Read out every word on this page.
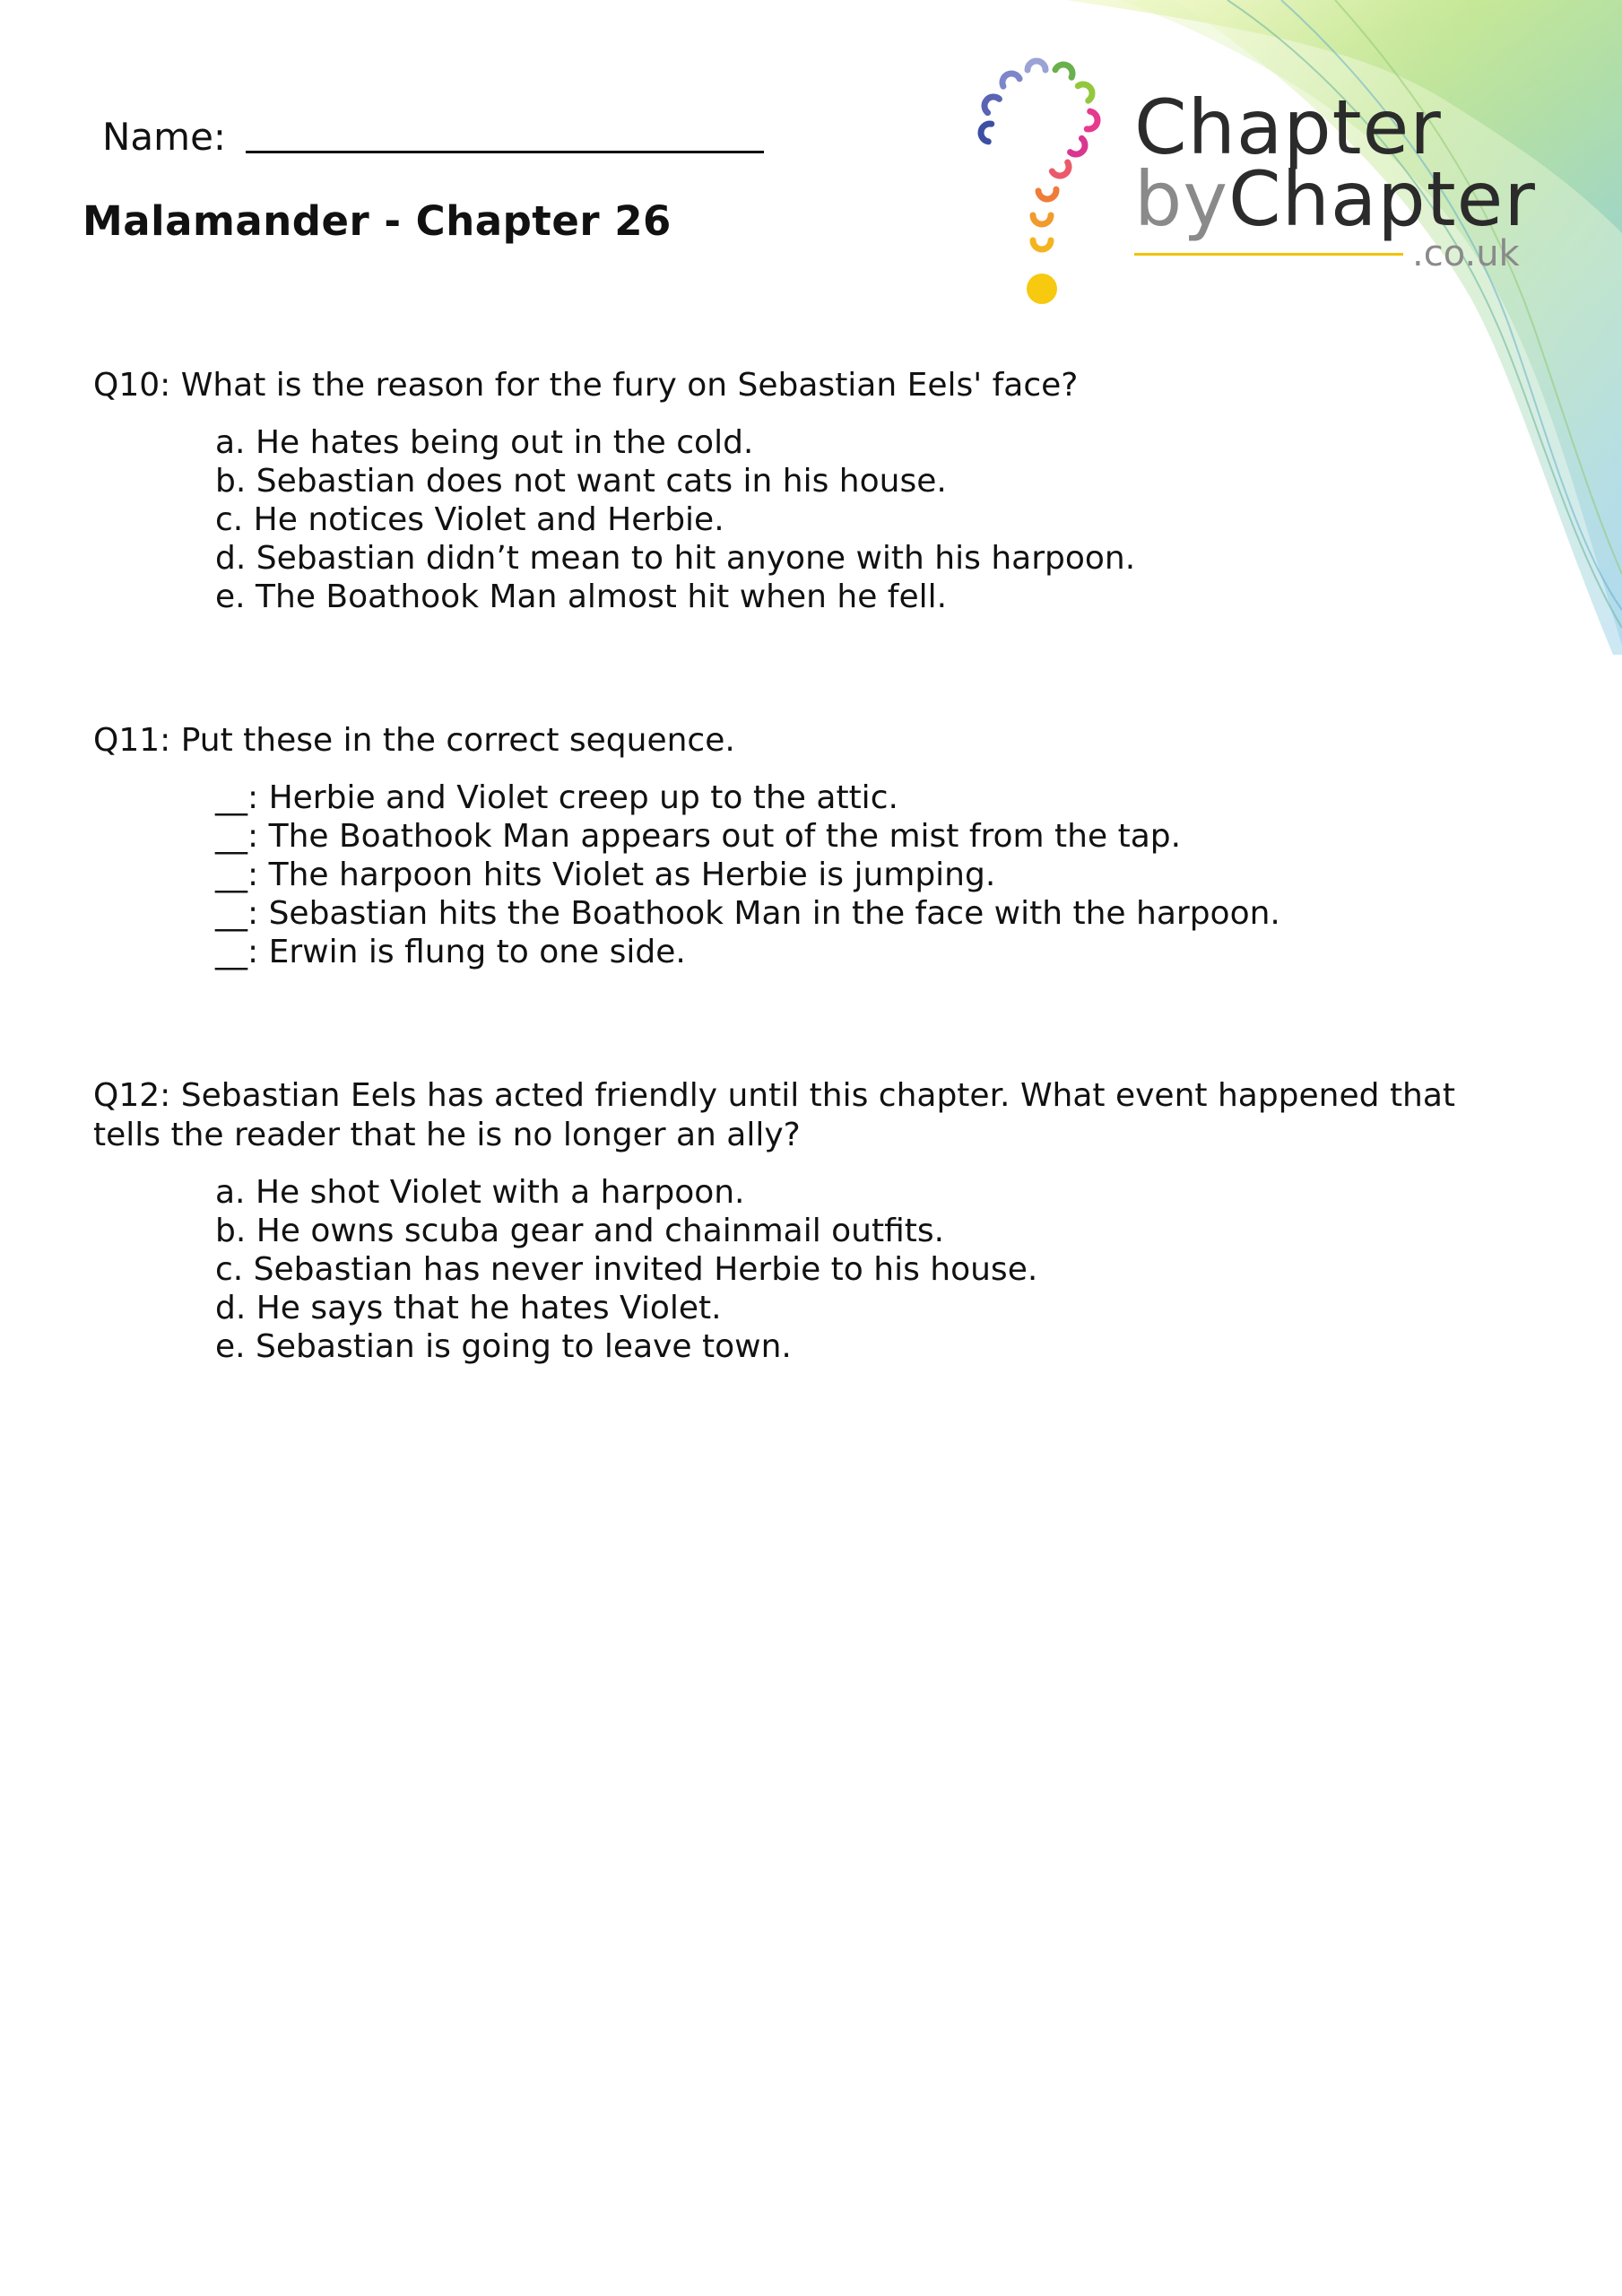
Name:
Malamander - Chapter 26
Chapter
byChapter
.co.uk
Q10: What is the reason for the fury on Sebastian Eels' face?
a. He hates being out in the cold.
b. Sebastian does not want cats in his house.
c. He notices Violet and Herbie.
d. Sebastian didn’t mean to hit anyone with his harpoon.
e. The Boathook Man almost hit when he fell.
Q11: Put these in the correct sequence.
__: Herbie and Violet creep up to the attic.
__: The Boathook Man appears out of the mist from the tap.
__: The harpoon hits Violet as Herbie is jumping.
__: Sebastian hits the Boathook Man in the face with the harpoon.
__: Erwin is flung to one side.
Q12: Sebastian Eels has acted friendly until this chapter. What event happened that tells the reader that he is no longer an ally?
a. He shot Violet with a harpoon.
b. He owns scuba gear and chainmail outfits.
c. Sebastian has never invited Herbie to his house.
d. He says that he hates Violet.
e. Sebastian is going to leave town.
